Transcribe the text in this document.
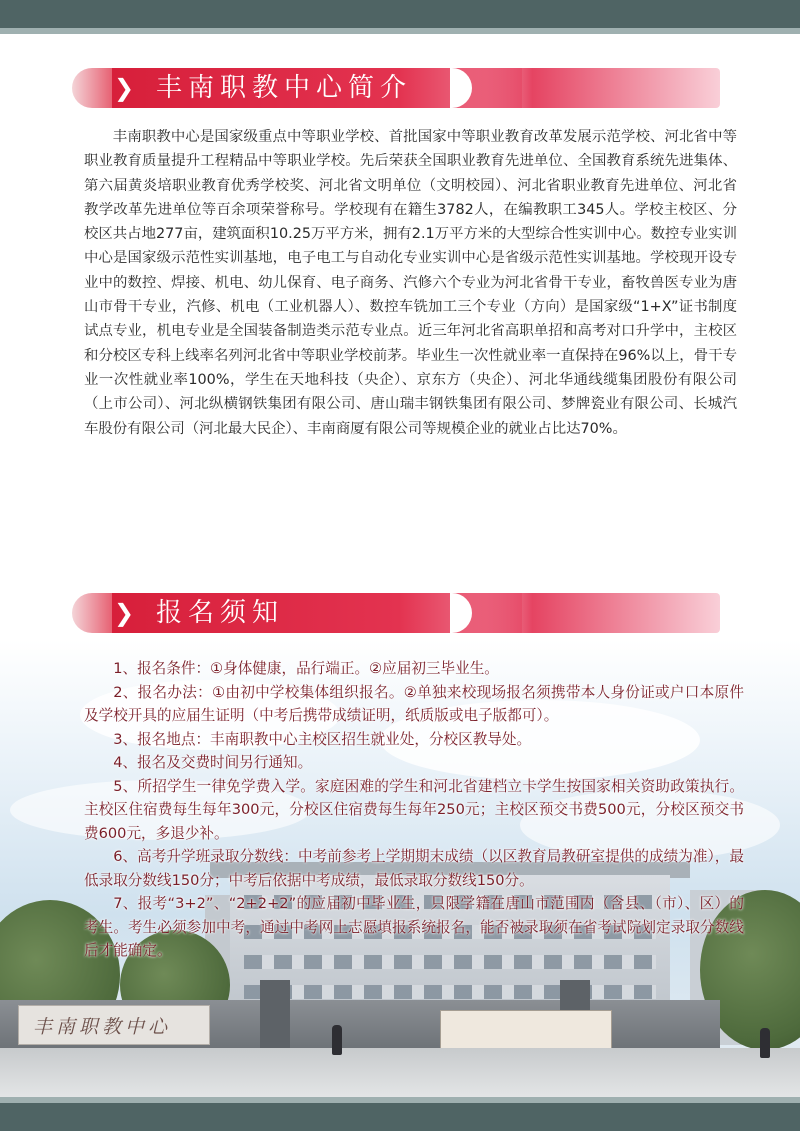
❯ 丰南职教中心简介

丰南职教中心是国家级重点中等职业学校、首批国家中等职业教育改革发展示范学校、河北省中等职业教育质量提升工程精品中等职业学校。先后荣获全国职业教育先进单位、全国教育系统先进集体、第六届黄炎培职业教育优秀学校奖、河北省文明单位（文明校园）、河北省职业教育先进单位、河北省教学改革先进单位等百余项荣誉称号。学校现有在籍生3782人，在编教职工345人。学校主校区、分校区共占地277亩，建筑面积10.25万平方米，拥有2.1万平方米的大型综合性实训中心。数控专业实训中心是国家级示范性实训基地，电子电工与自动化专业实训中心是省级示范性实训基地。学校现开设专业中的数控、焊接、机电、幼儿保育、电子商务、汽修六个专业为河北省骨干专业，畜牧兽医专业为唐山市骨干专业，汽修、机电（工业机器人）、数控车铣加工三个专业（方向）是国家级“1+X”证书制度试点专业，机电专业是全国装备制造类示范专业点。近三年河北省高职单招和高考对口升学中，主校区和分校区专科上线率名列河北省中等职业学校前茅。毕业生一次性就业率一直保持在96%以上，骨干专业一次性就业率100%，学生在天地科技（央企）、京东方（央企）、河北华通线缆集团股份有限公司（上市公司）、河北纵横钢铁集团有限公司、唐山瑞丰钢铁集团有限公司、梦牌瓷业有限公司、长城汽车股份有限公司（河北最大民企）、丰南商厦有限公司等规模企业的就业占比达70%。

丰南职教中心
❯ 报名须知

1、报名条件：①身体健康，品行端正。②应届初三毕业生。

2、报名办法：①由初中学校集体组织报名。②单独来校现场报名须携带本人身份证或户口本原件及学校开具的应届生证明（中考后携带成绩证明，纸质版或电子版都可）。

3、报名地点：丰南职教中心主校区招生就业处，分校区教导处。

4、报名及交费时间另行通知。

5、所招学生一律免学费入学。家庭困难的学生和河北省建档立卡学生按国家相关资助政策执行。主校区住宿费每生每年300元，分校区住宿费每生每年250元；主校区预交书费500元，分校区预交书费600元，多退少补。

6、高考升学班录取分数线：中考前参考上学期期末成绩（以区教育局教研室提供的成绩为准），最低录取分数线150分；中考后依据中考成绩，最低录取分数线150分。

7、报考“3+2”、“2+2+2”的应届初中毕业生，只限学籍在唐山市范围内（含县、（市）、区）的考生。考生必须参加中考，通过中考网上志愿填报系统报名，能否被录取须在省考试院划定录取分数线后才能确定。
